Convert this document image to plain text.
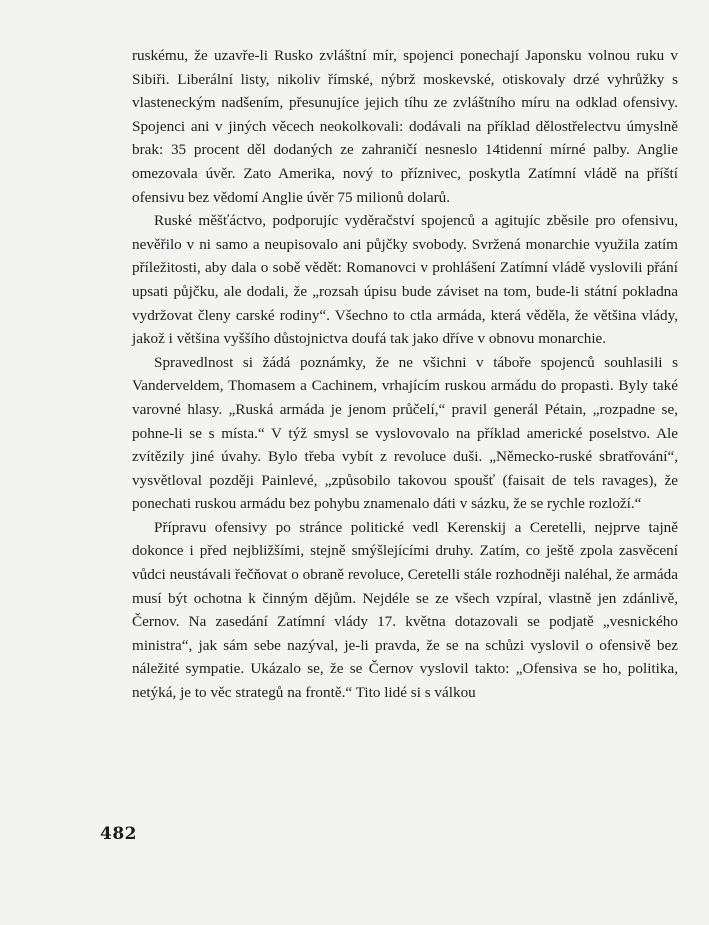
ruskému, že uzavře-li Rusko zvláštní mír, spojenci ponechají Japonsku volnou ruku v Sibiři. Liberální listy, nikoliv římské, nýbrž moskevské, otiskovaly drzé vyhrůžky s vlasteneckým nadšením, přesunujíce jejich tíhu ze zvláštního míru na odklad ofensivy. Spojenci ani v jiných věcech neokolkovali: dodávali na příklad dělostřelectvu úmyslně brak: 35 procent děl dodaných ze zahraničí nesneslo 14tidenní mírné palby. Anglie omezovala úvěr. Zato Amerika, nový to příznivec, poskytla Zatímní vládě na příští ofensivu bez vědomí Anglie úvěr 75 milionů dolarů.

Ruské měšťáctvo, podporujíc vyděračství spojenců a agitujíc zběsile pro ofensivu, nevěřilo v ni samo a neupisovalo ani půjčky svobody. Svržená monarchie využila zatím příležitosti, aby dala o sobě vědět: Romanovci v prohlášení Zatímní vládě vyslovili přání upsati půjčku, ale dodali, že „rozsah úpisu bude záviset na tom, bude-li státní pokladna vydržovat členy carské rodiny“. Všechno to ctla armáda, která věděla, že většina vlády, jakož i většina vyššího důstojnictva doufá tak jako dříve v obnovu monarchie.

Spravedlnost si žádá poznámky, že ne všichni v táboře spojenců souhlasili s Vanderveldem, Thomasem a Cachinem, vrhajícím ruskou armádu do propasti. Byly také varovné hlasy. „Ruská armáda je jenom průčelí,“ pravil generál Pétain, „rozpadne se, pohne-li se s místa.“ V týž smysl se vyslovovalo na příklad americké poselstvo. Ale zvítězily jiné úvahy. Bylo třeba vybít z revoluce duši. „Německo-ruské sbratřování“, vysvětloval později Painlevé, „způsobilo takovou spoušť (faisait de tels ravages), že ponechati ruskou armádu bez pohybu znamenalo dáti v sázku, že se rychle rozloží.“

Přípravu ofensivy po stránce politické vedl Kerenskij a Ceretelli, nejprve tajně dokonce i před nejbližšími, stejně smýšlejícími druhy. Zatím, co ještě zpola zasvěcení vůdci neustávali řečňovat o obraně revoluce, Ceretelli stále rozhodněji naléhal, že armáda musí být ochotna k činným dějům. Nejdéle se ze všech vzpíral, vlastně jen zdánlivě, Černov. Na zasedání Zatímní vlády 17. května dotazovali se podjatě „vesnického ministra“, jak sám sebe nazýval, je-li pravda, že se na schůzi vyslovil o ofensivě bez náležité sympatie. Ukázalo se, že se Černov vyslovil takto: „Ofensiva se ho, politika, netýká, je to věc strategů na frontě.“ Tito lidé si s válkou

482
